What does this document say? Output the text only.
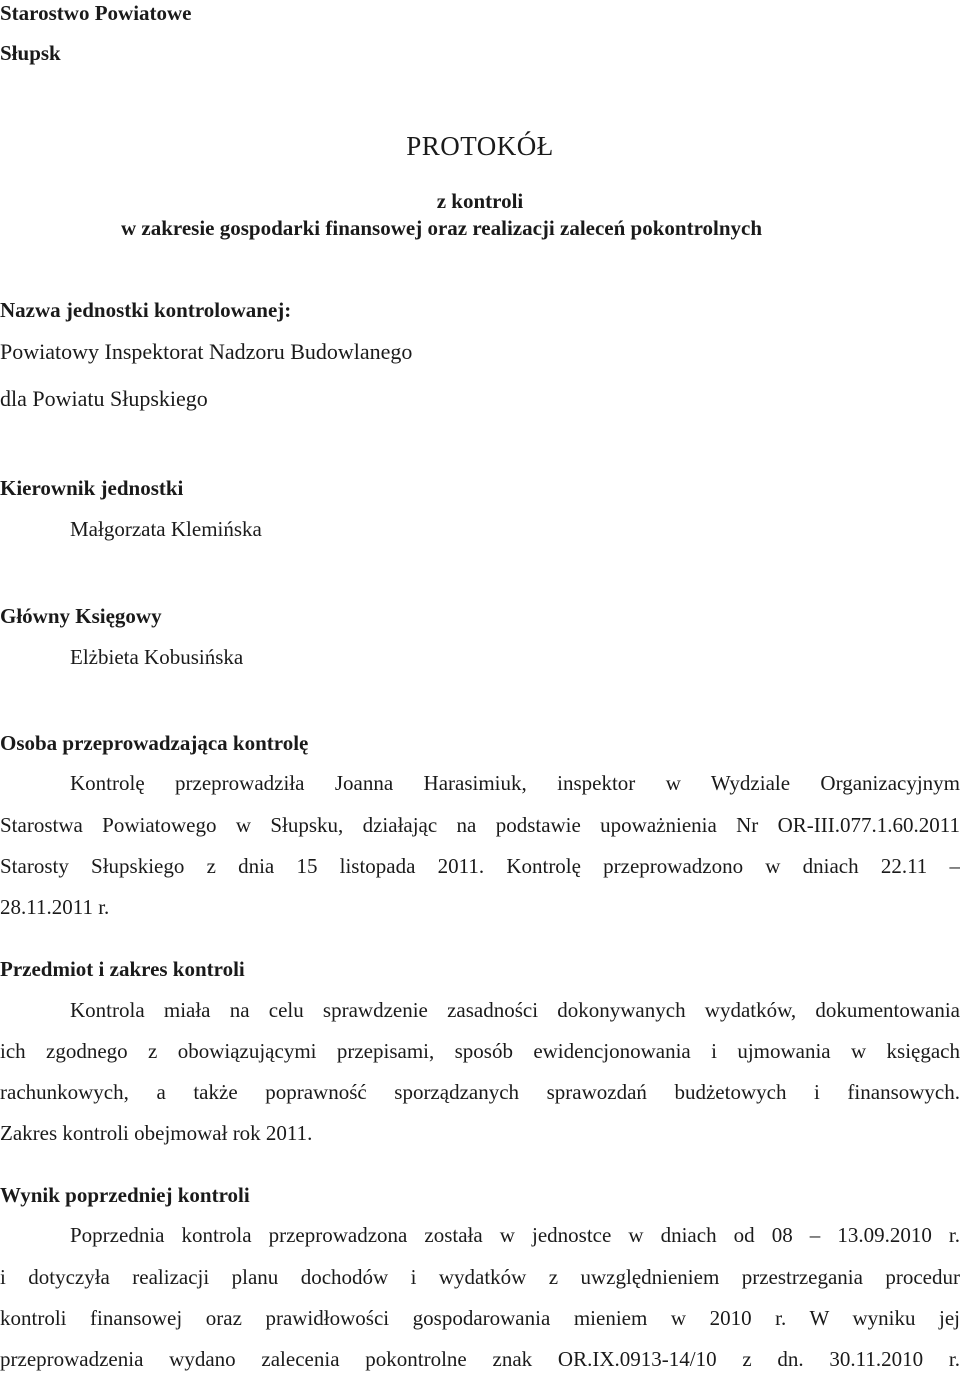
Starostwo Powiatowe
Słupsk
PROTOKÓŁ
z kontroli
w zakresie gospodarki finansowej oraz realizacji zaleceń pokontrolnych
Nazwa jednostki kontrolowanej:
Powiatowy Inspektorat Nadzoru Budowlanego
dla Powiatu Słupskiego
Kierownik jednostki
Małgorzata Klemińska
Główny Księgowy
Elżbieta Kobusińska
Osoba przeprowadzająca kontrolę
Kontrolę przeprowadziła Joanna Harasimiuk, inspektor w Wydziale Organizacyjnym
Starostwa Powiatowego w Słupsku, działając na podstawie upoważnienia Nr OR-III.077.1.60.2011
Starosty Słupskiego z dnia 15 listopada 2011. Kontrolę przeprowadzono w dniach 22.11 –
28.11.2011 r.
Przedmiot i zakres kontroli
Kontrola miała na celu sprawdzenie zasadności dokonywanych wydatków, dokumentowania
ich zgodnego z obowiązującymi przepisami, sposób ewidencjonowania i ujmowania w księgach
rachunkowych, a także poprawność sporządzanych sprawozdań budżetowych i finansowych.
Zakres kontroli obejmował rok 2011.
Wynik poprzedniej kontroli
Poprzednia kontrola przeprowadzona została w jednostce w dniach od 08 – 13.09.2010 r.
i dotyczyła realizacji planu dochodów i wydatków z uwzględnieniem przestrzegania procedur
kontroli finansowej oraz prawidłowości gospodarowania mieniem w 2010 r. W wyniku jej
przeprowadzenia wydano zalecenia pokontrolne znak OR.IX.0913-14/10 z dn. 30.11.2010 r.
